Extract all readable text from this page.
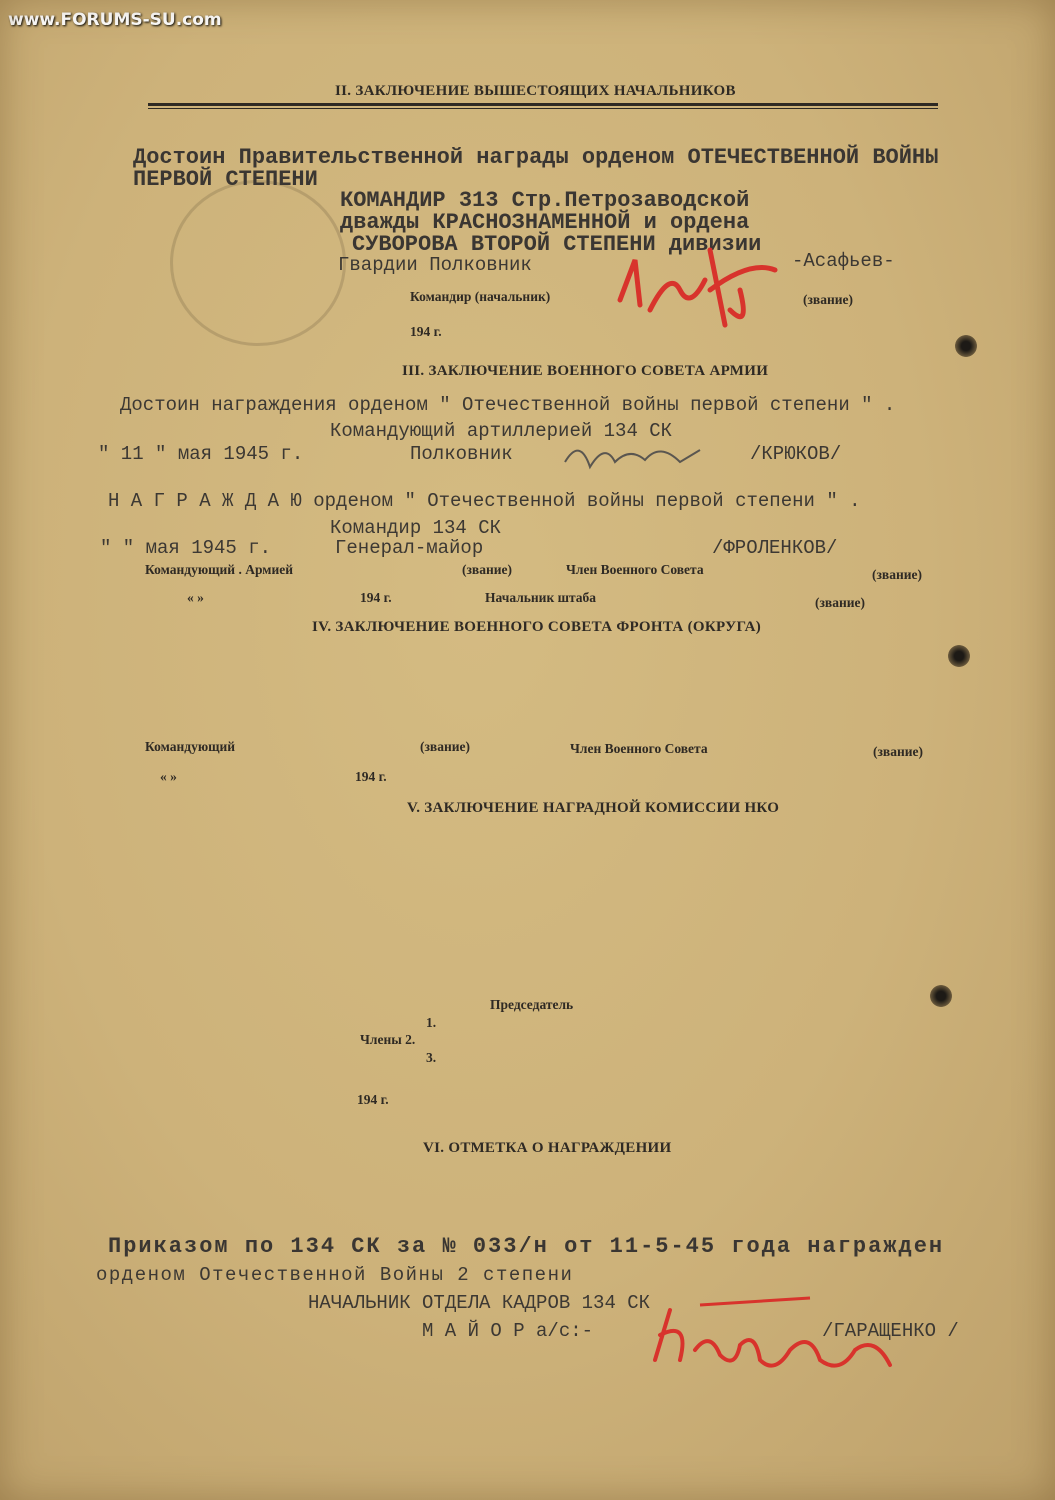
www.FORUMS-SU.com
II. ЗАКЛЮЧЕНИЕ ВЫШЕСТОЯЩИХ НАЧАЛЬНИКОВ
Достоин Правительственной награды орденом ОТЕЧЕСТВЕННОЙ ВОЙНЫ
ПЕРВОЙ СТЕПЕНИ
КОМАНДИР 313 Стр.Петрозаводской
дважды КРАСНОЗНАМЕННОЙ и ордена
СУВОРОВА ВТОРОЙ СТЕПЕНИ дивизии
Гвардии Полковник	-Асафьев-
Командир (начальник)	(звание)
194 г.
III. ЗАКЛЮЧЕНИЕ ВОЕННОГО СОВЕТА АРМИИ
Достоин награждения орденом " Отечественной войны первой степени " .
Командующий артиллерией 134 СК
" 11 " мая 1945 г.	Полковник	/КРЮКОВ/
Н А Г Р А Ж Д А Ю орденом " Отечественной войны первой степени " .
Командир 134 СК
" " мая 1945 г.	Генерал-майор	/ФРОЛЕНКОВ/
Командующий . Армией	(звание)	Член Военного Совета	(звание)
« »	194 г.	Начальник штаба	(звание)
IV. ЗАКЛЮЧЕНИЕ ВОЕННОГО СОВЕТА ФРОНТА (ОКРУГА)
Командующий	(звание)	Член Военного Совета	(звание)
« »	194 г.
V. ЗАКЛЮЧЕНИЕ НАГРАДНОЙ КОМИССИИ НКО
Председатель
1.
Члены 2.
3.
194 г.
VI. ОТМЕТКА О НАГРАЖДЕНИИ
Приказом по 134 СК за № 033/н от 11-5-45 года награжден
орденом Отечественной Войны 2 степени
НАЧАЛЬНИК ОТДЕЛА КАДРОВ 134 СК
М А Й О Р а/с:-	/ГАРАЩЕНКО /
